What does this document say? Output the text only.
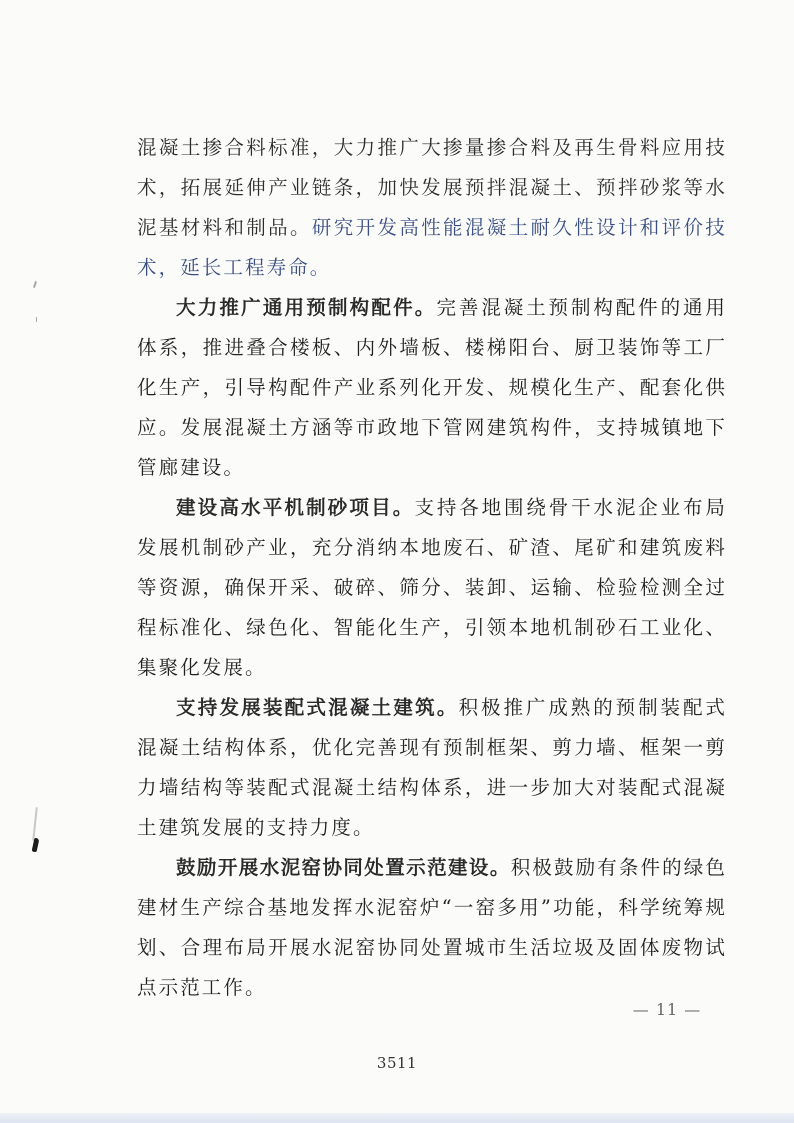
混凝土掺合料标准，大力推广大掺量掺合料及再生骨料应用技术，拓展延伸产业链条，加快发展预拌混凝土、预拌砂浆等水泥基材料和制品。研究开发高性能混凝土耐久性设计和评价技术，延长工程寿命。

大力推广通用预制构配件。完善混凝土预制构配件的通用体系，推进叠合楼板、内外墙板、楼梯阳台、厨卫装饰等工厂化生产，引导构配件产业系列化开发、规模化生产、配套化供应。发展混凝土方涵等市政地下管网建筑构件，支持城镇地下管廊建设。

建设高水平机制砂项目。支持各地围绕骨干水泥企业布局发展机制砂产业，充分消纳本地废石、矿渣、尾矿和建筑废料等资源，确保开采、破碎、筛分、装卸、运输、检验检测全过程标准化、绿色化、智能化生产，引领本地机制砂石工业化、集聚化发展。

支持发展装配式混凝土建筑。积极推广成熟的预制装配式混凝土结构体系，优化完善现有预制框架、剪力墙、框架一剪力墙结构等装配式混凝土结构体系，进一步加大对装配式混凝土建筑发展的支持力度。

鼓励开展水泥窑协同处置示范建设。积极鼓励有条件的绿色建材生产综合基地发挥水泥窑炉“一窑多用”功能，科学统筹规划、合理布局开展水泥窑协同处置城市生活垃圾及固体废物试点示范工作。

— 11 —
3511
